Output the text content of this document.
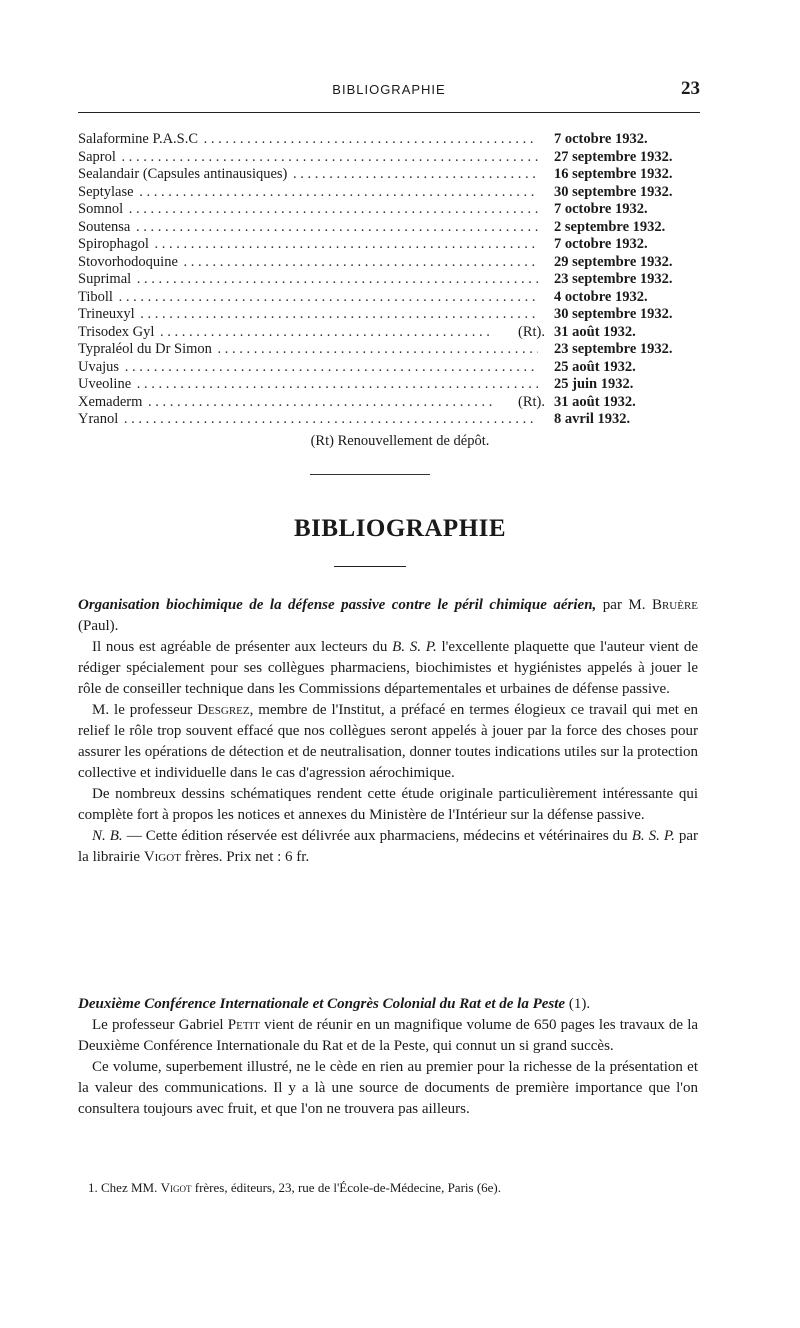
BIBLIOGRAPHIE	23
Salaformine P.A.S.C . . .	7 octobre 1932.
Saprol . . .	27 septembre 1932.
Sealandair (Capsules antinausiques) . . .	16 septembre 1932.
Septylase . . .	30 septembre 1932.
Somnol . . .	7 octobre 1932.
Soutensa . . .	2 septembre 1932.
Spirophagol . . .	7 octobre 1932.
Stovorhodoquine . . .	29 septembre 1932.
Suprimal . . .	23 septembre 1932.
Tiboll . . .	4 octobre 1932.
Trineuxyl . . .	30 septembre 1932.
Trisodex Gyl . . .	(Rt). 31 août 1932.
Typraléol du Dr Simon . . .	23 septembre 1932.
Uvajus . . .	25 août 1932.
Uveoline . . .	25 juin 1932.
Xemaderm . . .	(Rt). 31 août 1932.
Yranol . . .	8 avril 1932.
(Rt) Renouvellement de dépôt.
BIBLIOGRAPHIE

Organisation biochimique de la défense passive contre le péril chimique aérien, par M. Bruère (Paul).

Il nous est agréable de présenter aux lecteurs du B. S. P. l'excellente plaquette que l'auteur vient de rédiger spécialement pour ses collègues pharmaciens, biochimistes et hygiénistes appelés à jouer le rôle de conseiller technique dans les Commissions départementales et urbaines de défense passive.

M. le professeur Desgrez, membre de l'Institut, a préfacé en termes élogieux ce travail qui met en relief le rôle trop souvent effacé que nos collègues seront appelés à jouer par la force des choses pour assurer les opérations de détection et de neutralisation, donner toutes indications utiles sur la protection collective et individuelle dans le cas d'agression aérochimique.

De nombreux dessins schématiques rendent cette étude originale particulièrement intéressante qui complète fort à propos les notices et annexes du Ministère de l'Intérieur sur la défense passive.

N. B. — Cette édition réservée est délivrée aux pharmaciens, médecins et vétérinaires du B. S. P. par la librairie Vigot frères. Prix net : 6 fr.

Deuxième Conférence Internationale et Congrès Colonial du Rat et de la Peste (1).

Le professeur Gabriel Petit vient de réunir en un magnifique volume de 650 pages les travaux de la Deuxième Conférence Internationale du Rat et de la Peste, qui connut un si grand succès.

Ce volume, superbement illustré, ne le cède en rien au premier pour la richesse de la présentation et la valeur des communications. Il y a là une source de documents de première importance que l'on consultera toujours avec fruit, et que l'on ne trouvera pas ailleurs.

1. Chez MM. Vigot frères, éditeurs, 23, rue de l'École-de-Médecine, Paris (6e).
